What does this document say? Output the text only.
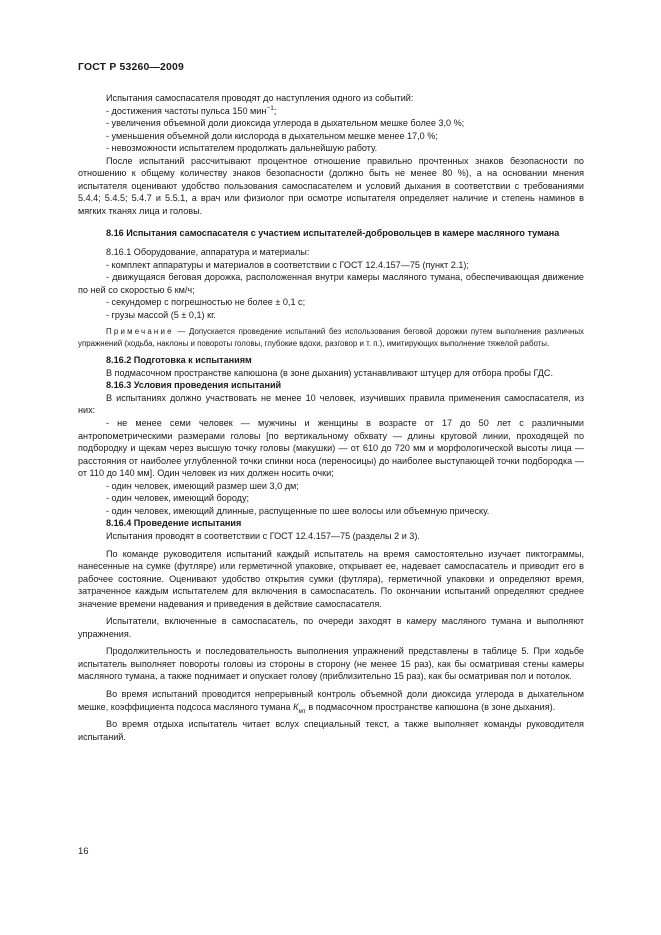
ГОСТ Р 53260—2009

Испытания самоспасателя проводят до наступления одного из событий:

- достижения частоты пульса 150 мин$^{-1}$;

- увеличения объемной доли диоксида углерода в дыхательном мешке более 3,0 %;

- уменьшения объемной доли кислорода в дыхательном мешке менее 17,0 %;

- невозможности испытателем продолжать дальнейшую работу.

После испытаний рассчитывают процентное отношение правильно прочтенных знаков безопасности по отношению к общему количеству знаков безопасности (должно быть не менее 80 %), а на основании мнения испытателя оценивают удобство пользования самоспасателем и условий дыхания в соответствии с требованиями 5.4.4; 5.4.5; 5.4.7 и 5.5.1, а врач или физиолог при осмотре испытателя определяет наличие и степень наминов в мягких тканях лица и головы.

8.16 Испытания самоспасателя с участием испытателей-добровольцев в камере масляного тумана

8.16.1 Оборудование, аппаратура и материалы:

- комплект аппаратуры и материалов в соответствии с ГОСТ 12.4.157—75 (пункт 2.1);

- движущаяся беговая дорожка, расположенная внутри камеры масляного тумана, обеспечивающая движение по ней со скоростью 6 км/ч;

- секундомер с погрешностью не более ± 0,1 с;

- грузы массой (5 ± 0,1) кг.

Примечание — Допускается проведение испытаний без использования беговой дорожки путем выполнения различных упражнений (ходьба, наклоны и повороты головы, глубокие вдохи, разговор и т. п.), имитирующих выполнение тяжелой работы.

8.16.2 Подготовка к испытаниям

В подмасочном пространстве капюшона (в зоне дыхания) устанавливают штуцер для отбора пробы ГДС.

8.16.3 Условия проведения испытаний

В испытаниях должно участвовать не менее 10 человек, изучивших правила применения самоспасателя, из них:

- не менее семи человек — мужчины и женщины в возрасте от 17 до 50 лет с различными антропометрическими размерами головы [по вертикальному обхвату — длины круговой линии, проходящей по подбородку и щекам через высшую точку головы (макушки) — от 610 до 720 мм и морфологической высоты лица — расстояния от наиболее углубленной точки спинки носа (переносицы) до наиболее выступающей точки подбородка — от 110 до 140 мм]. Один человек из них должен носить очки;

- один человек, имеющий размер шеи 3,0 дм;

- один человек, имеющий бороду;

- один человек, имеющий длинные, распущенные по шее волосы или объемную прическу.

8.16.4 Проведение испытания

Испытания проводят в соответствии с ГОСТ 12.4.157—75 (разделы 2 и 3).

По команде руководителя испытаний каждый испытатель на время самостоятельно изучает пиктограммы, нанесенные на сумке (футляре) или герметичной упаковке, открывает ее, надевает самоспасатель и приводит его в рабочее состояние. Оценивают удобство открытия сумки (футляра), герметичной упаковки и определяют время, затраченное каждым испытателем для включения в самоспасатель. По окончании испытаний определяют среднее значение времени надевания и приведения в действие самоспасателя.

Испытатели, включенные в самоспасатель, по очереди заходят в камеру масляного тумана и выполняют упражнения.

Продолжительность и последовательность выполнения упражнений представлены в таблице 5. При ходьбе испытатель выполняет повороты головы из стороны в сторону (не менее 15 раз), как бы осматривая стены камеры масляного тумана, а также поднимает и опускает голову (приблизительно 15 раз), как бы осматривая пол и потолок.

Во время испытаний проводится непрерывный контроль объемной доли диоксида углерода в дыхательном мешке, коэффициента подсоса масляного тумана $К_{мт}$ в подмасочном пространстве капюшона (в зоне дыхания).

Во время отдыха испытатель читает вслух специальный текст, а также выполняет команды руководителя испытаний.

16
